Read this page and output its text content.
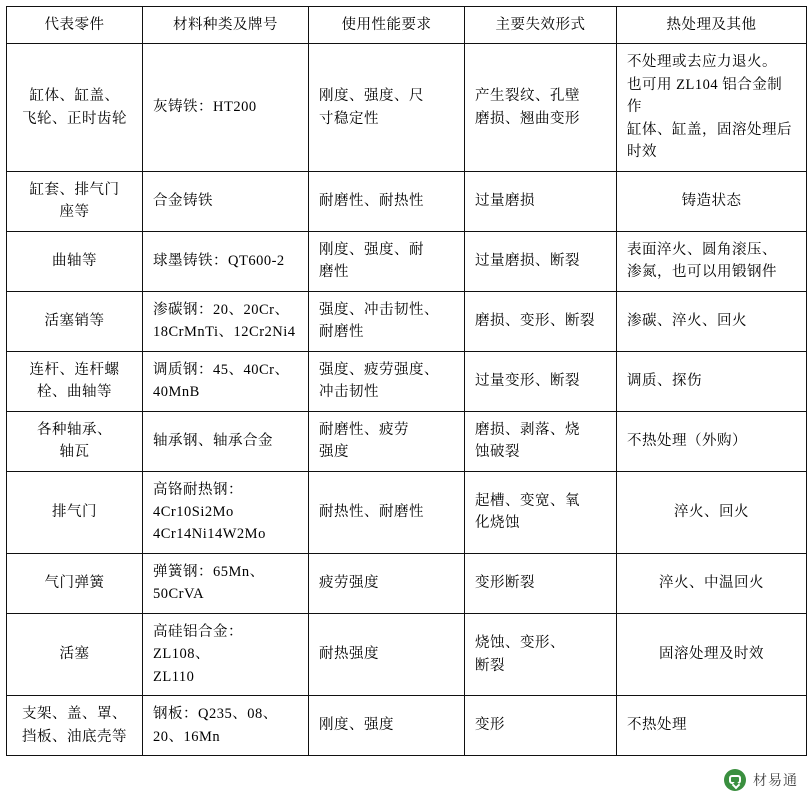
代表零件	材料种类及牌号	使用性能要求	主要失效形式	热处理及其他

缸体、缸盖、
飞轮、正时齿轮	灰铸铁：HT200	刚度、强度、尺
寸稳定性	产生裂纹、孔壁
磨损、翘曲变形	不处理或去应力退火。
也可用 ZL104 铝合金制作
缸体、缸盖，固溶处理后
时效

缸套、排气门
座等	合金铸铁	耐磨性、耐热性	过量磨损	铸造状态

曲轴等	球墨铸铁：QT600-2	刚度、强度、耐
磨性	过量磨损、断裂	表面淬火、圆角滚压、
渗氮，也可以用锻钢件

活塞销等	渗碳钢：20、20Cr、
18CrMnTi、12Cr2Ni4	强度、冲击韧性、
耐磨性	磨损、变形、断裂	渗碳、淬火、回火

连杆、连杆螺
栓、曲轴等	调质钢：45、40Cr、
40MnB	强度、疲劳强度、
冲击韧性	过量变形、断裂	调质、探伤

各种轴承、
轴瓦	轴承钢、轴承合金	耐磨性、疲劳
强度	磨损、剥落、烧
蚀破裂	不热处理（外购）

排气门	高铬耐热钢：
4Cr10Si2Mo
4Cr14Ni14W2Mo	耐热性、耐磨性	起槽、变宽、氧
化烧蚀	淬火、回火

气门弹簧	弹簧钢：65Mn、
50CrVA	疲劳强度	变形断裂	淬火、中温回火

活塞	高硅铝合金：ZL108、
ZL110	耐热强度	烧蚀、变形、
断裂	固溶处理及时效

支架、盖、罩、
挡板、油底壳等	钢板：Q235、08、
20、16Mn	刚度、强度	变形	不热处理
材易通
